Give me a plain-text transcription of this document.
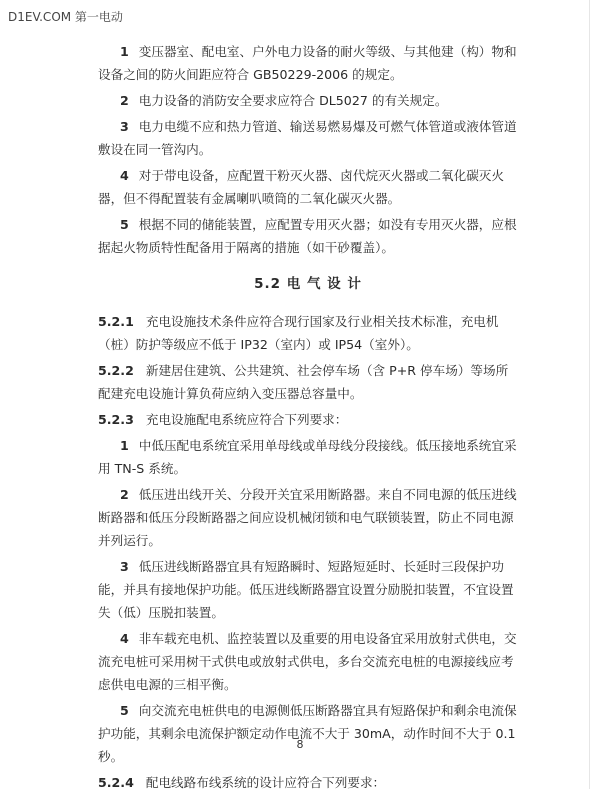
D1EV.COM 第一电动

1 变压器室、配电室、户外电力设备的耐火等级、与其他建（构）物和设备之间的防火间距应符合 GB50229-2006 的规定。

2 电力设备的消防安全要求应符合 DL5027 的有关规定。

3 电力电缆不应和热力管道、输送易燃易爆及可燃气体管道或液体管道敷设在同一管沟内。

4 对于带电设备，应配置干粉灭火器、卤代烷灭火器或二氧化碳灭火器，但不得配置装有金属喇叭喷筒的二氧化碳灭火器。

5 根据不同的储能装置，应配置专用灭火器；如没有专用灭火器，应根据起火物质特性配备用于隔离的措施（如干砂覆盖）。

5.2 电 气 设 计

5.2.1 充电设施技术条件应符合现行国家及行业相关技术标准，充电机（桩）防护等级应不低于 IP32（室内）或 IP54（室外）。

5.2.2 新建居住建筑、公共建筑、社会停车场（含 P+R 停车场）等场所配建充电设施计算负荷应纳入变压器总容量中。

5.2.3 充电设施配电系统应符合下列要求：

1 中低压配电系统宜采用单母线或单母线分段接线。低压接地系统宜采用 TN-S 系统。

2 低压进出线开关、分段开关宜采用断路器。来自不同电源的低压进线断路器和低压分段断路器之间应设机械闭锁和电气联锁装置，防止不同电源并列运行。

3 低压进线断路器宜具有短路瞬时、短路短延时、长延时三段保护功能，并具有接地保护功能。低压进线断路器宜设置分励脱扣装置，不宜设置失（低）压脱扣装置。

4 非车载充电机、监控装置以及重要的用电设备宜采用放射式供电，交流充电桩可采用树干式供电或放射式供电，多台交流充电桩的电源接线应考虑供电电源的三相平衡。

5 向交流充电桩供电的电源侧低压断路器宜具有短路保护和剩余电流保护功能，其剩余电流保护额定动作电流不大于 30mA，动作时间不大于 0.1 秒。

5.2.4 配电线路布线系统的设计应符合下列要求：

8
